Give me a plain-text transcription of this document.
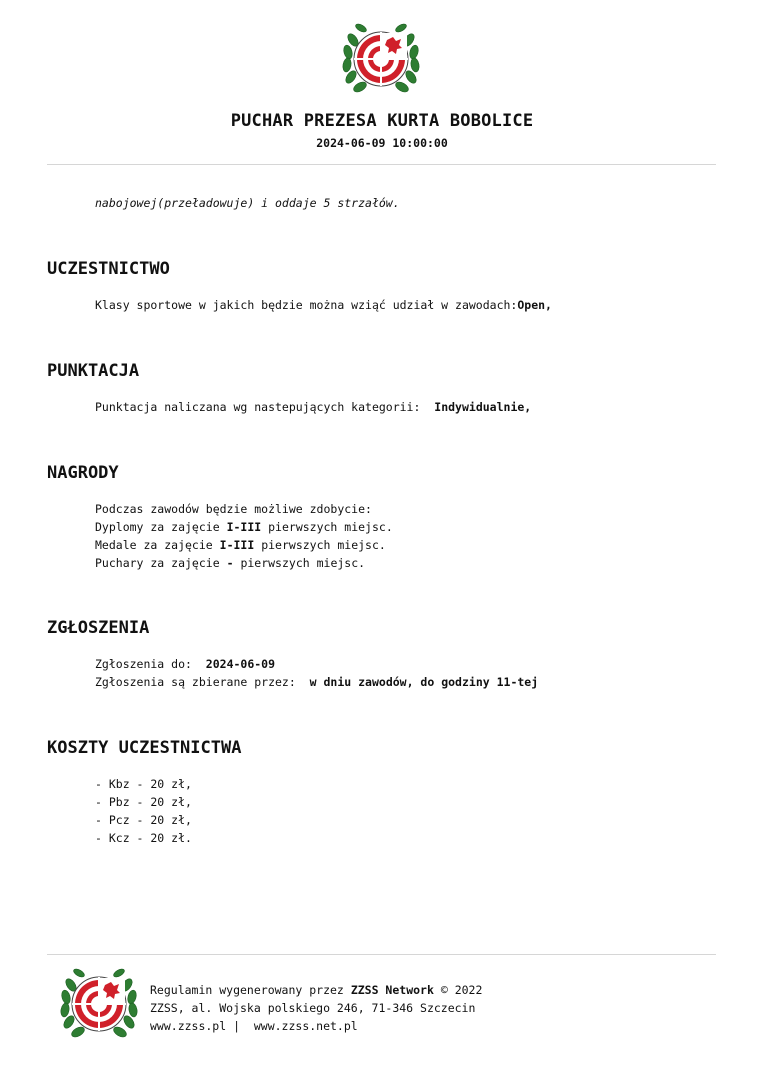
PUCHAR PREZESA KURTA BOBOLICE
2024-06-09 10:00:00
nabojowej(przeładowuje) i oddaje 5 strzałów.
UCZESTNICTWO
Klasy sportowe w jakich będzie można wziąć udział w zawodach:Open,
PUNKTACJA
Punktacja naliczana wg nastepujących kategorii: Indywidualnie,
NAGRODY
Podczas zawodów będzie możliwe zdobycie:
Dyplomy za zajęcie I-III pierwszych miejsc.
Medale za zajęcie I-III pierwszych miejsc.
Puchary za zajęcie - pierwszych miejsc.
ZGŁOSZENIA
Zgłoszenia do: 2024-06-09
Zgłoszenia są zbierane przez: w dniu zawodów, do godziny 11-tej
KOSZTY UCZESTNICTWA
- Kbz - 20 zł,
- Pbz - 20 zł,
- Pcz - 20 zł,
- Kcz - 20 zł.
Regulamin wygenerowany przez ZZSS Network © 2022
ZZSS, al. Wojska polskiego 246, 71-346 Szczecin
www.zzss.pl |  www.zzss.net.pl
